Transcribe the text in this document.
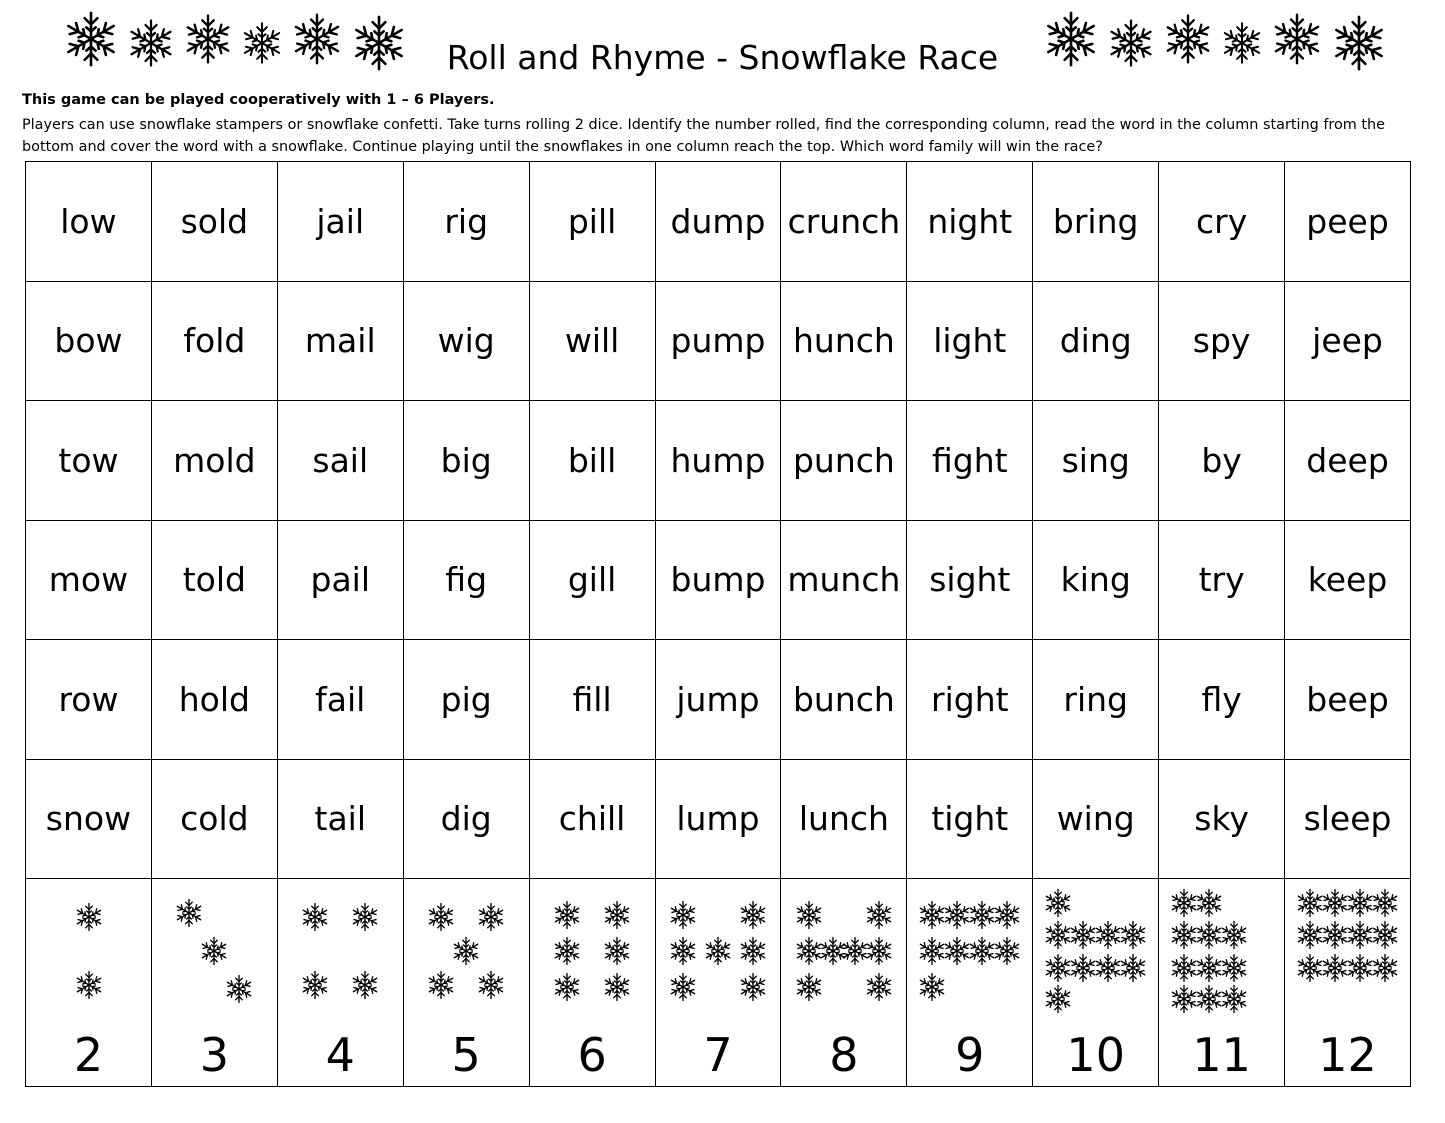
Roll and Rhyme - Snowflake Race
This game can be played cooperatively with 1 – 6 Players.
Players can use snowflake stampers or snowflake confetti. Take turns rolling 2 dice. Identify the number rolled, find the corresponding column, read the word in the column starting from the bottom and cover the word with a snowflake. Continue playing until the snowflakes in one column reach the top. Which word family will win the race?
low	sold	jail	rig	pill	dump	crunch	night	bring	cry	peep
bow	fold	mail	wig	will	pump	hunch	light	ding	spy	jeep
tow	mold	sail	big	bill	hump	punch	fight	sing	by	deep
mow	told	pail	fig	gill	bump	munch	sight	king	try	keep
row	hold	fail	pig	fill	jump	bunch	right	ring	fly	beep
snow	cold	tail	dig	chill	lump	lunch	tight	wing	sky	sleep

2	3	4	5	6	7	8	9	10	11	12
